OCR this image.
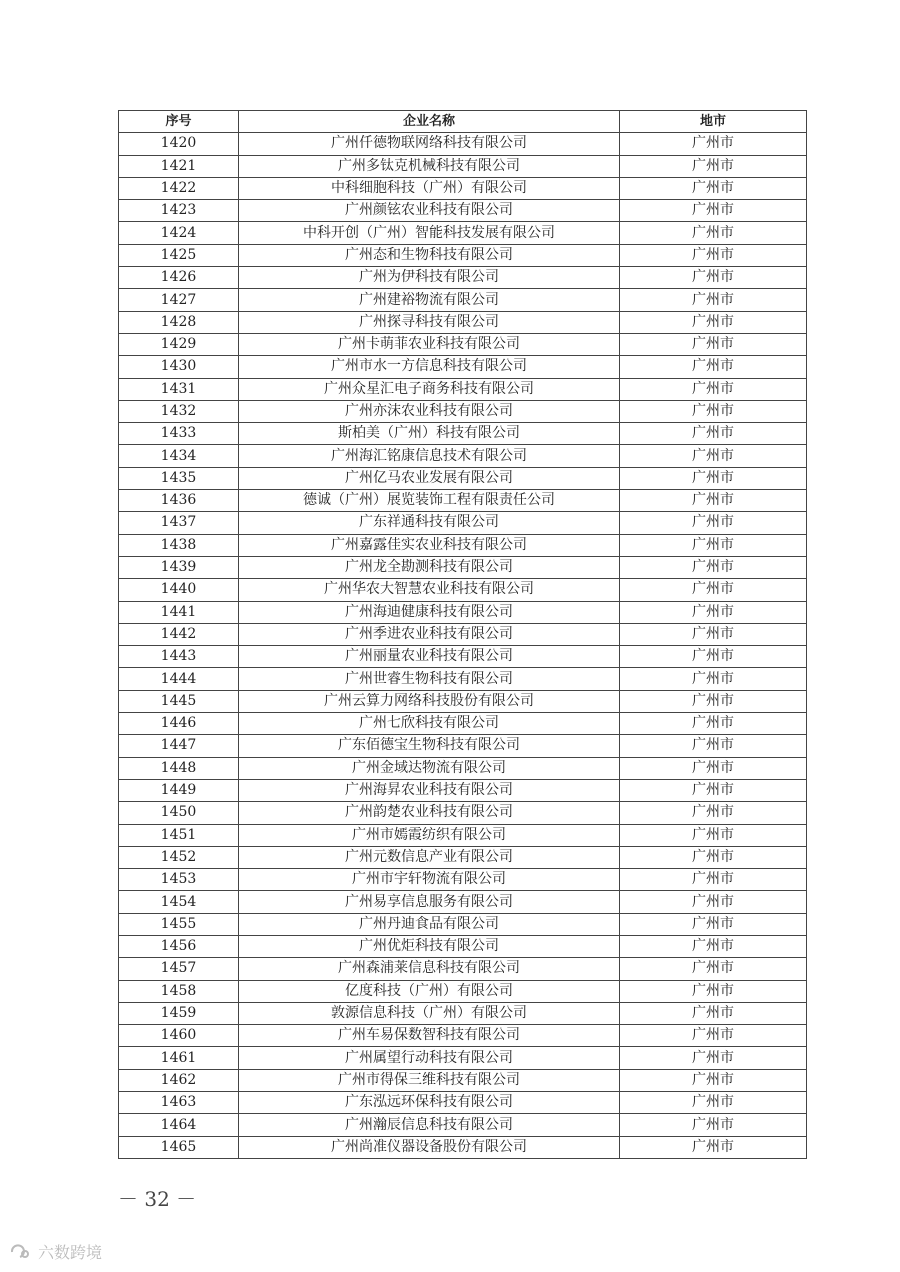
序号	企业名称	地市
1420	广州仟德物联网络科技有限公司	广州市
1421	广州多钛克机械科技有限公司	广州市
1422	中科细胞科技（广州）有限公司	广州市
1423	广州颜铉农业科技有限公司	广州市
1424	中科开创（广州）智能科技发展有限公司	广州市
1425	广州态和生物科技有限公司	广州市
1426	广州为伊科技有限公司	广州市
1427	广州建裕物流有限公司	广州市
1428	广州探寻科技有限公司	广州市
1429	广州卡萌菲农业科技有限公司	广州市
1430	广州市水一方信息科技有限公司	广州市
1431	广州众星汇电子商务科技有限公司	广州市
1432	广州亦沫农业科技有限公司	广州市
1433	斯柏美（广州）科技有限公司	广州市
1434	广州海汇铭康信息技术有限公司	广州市
1435	广州亿马农业发展有限公司	广州市
1436	德诚（广州）展览装饰工程有限责任公司	广州市
1437	广东祥通科技有限公司	广州市
1438	广州嘉露佳实农业科技有限公司	广州市
1439	广州龙全勘测科技有限公司	广州市
1440	广州华农大智慧农业科技有限公司	广州市
1441	广州海迪健康科技有限公司	广州市
1442	广州季进农业科技有限公司	广州市
1443	广州丽量农业科技有限公司	广州市
1444	广州世睿生物科技有限公司	广州市
1445	广州云算力网络科技股份有限公司	广州市
1446	广州七欣科技有限公司	广州市
1447	广东佰德宝生物科技有限公司	广州市
1448	广州金域达物流有限公司	广州市
1449	广州海昇农业科技有限公司	广州市
1450	广州韵楚农业科技有限公司	广州市
1451	广州市嫣霞纺织有限公司	广州市
1452	广州元数信息产业有限公司	广州市
1453	广州市宇轩物流有限公司	广州市
1454	广州易享信息服务有限公司	广州市
1455	广州丹迪食品有限公司	广州市
1456	广州优炬科技有限公司	广州市
1457	广州森浦莱信息科技有限公司	广州市
1458	亿度科技（广州）有限公司	广州市
1459	敦源信息科技（广州）有限公司	广州市
1460	广州车易保数智科技有限公司	广州市
1461	广州属望行动科技有限公司	广州市
1462	广州市得保三维科技有限公司	广州市
1463	广东泓远环保科技有限公司	广州市
1464	广州瀚辰信息科技有限公司	广州市
1465	广州尚准仪器设备股份有限公司	广州市
－ 32 －
六数跨境
